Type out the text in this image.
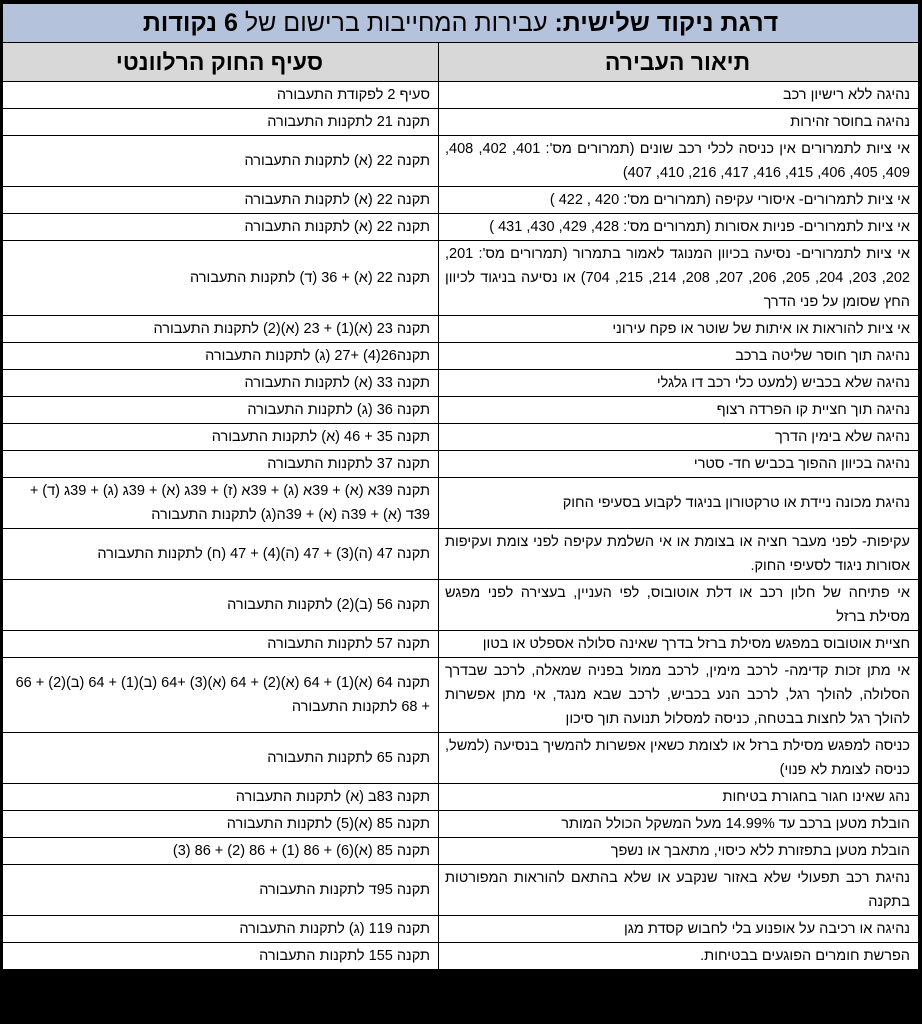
דרגת ניקוד שלישית: עבירות המחייבות ברישום של 6 נקודות	
תיאור העבירה	סעיף החוק הרלוונטי
נהיגה ללא רישיון רכב	סעיף 2 לפקודת התעבורה
נהיגה בחוסר זהירות	תקנה 21 לתקנות התעבורה
אי ציות לתמרורים אין כניסה לכלי רכב שונים (תמרורים מס': 401, 402, 408, 409, 405, 406, 415, 416, 417, 216, 410, 407)	תקנה 22 (א) לתקנות התעבורה
אי ציות לתמרורים- איסורי עקיפה (תמרורים מס': 420 , 422 )	תקנה 22 (א) לתקנות התעבורה
אי ציות לתמרורים- פניות אסורות (תמרורים מס': 428, 429, 430, 431 )	תקנה 22 (א) לתקנות התעבורה
אי ציות לתמרורים- נסיעה בכיוון המנוגד לאמור בתמרור (תמרורים מס': 201, 202, 203, 204, 205, 206, 207, 208, 214, 215, 704) או נסיעה בניגוד לכיוון החץ שסומן על פני הדרך	תקנה 22 (א) + 36 (ד) לתקנות התעבורה
אי ציות להוראות או איתות של שוטר או פקח עירוני	תקנה 23 (א)(1) + 23 (א)(2) לתקנות התעבורה
נהיגה תוך חוסר שליטה ברכב	תקנה26(4) +27 (ג) לתקנות התעבורה
נהיגה שלא בכביש (למעט כלי רכב דו גלגלי	תקנה 33 (א) לתקנות התעבורה
נהיגה תוך חציית קו הפרדה רצוף	תקנה 36 (ג) לתקנות התעבורה
נהיגה שלא בימין הדרך	תקנה 35 + 46 (א) לתקנות התעבורה
נהיגה בכיוון ההפוך בכביש חד- סטרי	תקנה 37 לתקנות התעבורה
נהיגת מכונה ניידת או טרקטורון בניגוד לקבוע בסעיפי החוק	תקנה 39א (א) + 39א (ג) + 39א (ז) + 39ג (א) + 39ג (ג) + 39ג (ד) + 39ד (א) + 39ה (א) + 39ה(ג) לתקנות התעבורה
עקיפות- לפני מעבר חציה או בצומת או אי השלמת עקיפה לפני צומת ועקיפות אסורות ניגוד לסעיפי החוק.	תקנה 47 (ה)(3) + 47 (ה)(4) + 47 (ח) לתקנות התעבורה
אי פתיחה של חלון רכב או דלת אוטובוס, לפי העניין, בעצירה לפני מפגש מסילת ברזל	תקנה 56 (ב)(2) לתקנות התעבורה
חציית אוטובוס במפגש מסילת ברזל בדרך שאינה סלולה אספלט או בטון	תקנה 57 לתקנות התעבורה
אי מתן זכות קדימה- לרכב מימין, לרכב ממול בפניה שמאלה, לרכב שבדרך הסלולה, להולך רגל, לרכב הנע בכביש, לרכב שבא מנגד, אי מתן אפשרות להולך רגל לחצות בבטחה, כניסה למסלול תנועה תוך סיכון	תקנה 64 (א)(1) + 64 (א)(2) + 64 (א)(3) +64 (ב)(1) + 64 (ב)(2) + 66 + 68 לתקנות התעבורה
כניסה למפגש מסילת ברזל או לצומת כשאין אפשרות להמשיך בנסיעה (למשל, כניסה לצומת לא פנוי)	תקנה 65 לתקנות התעבורה
נהג שאינו חגור בחגורת בטיחות	תקנה 83ב (א) לתקנות התעבורה
הובלת מטען ברכב עד 14.99% מעל המשקל הכולל המותר	תקנה 85 (א)(5) לתקנות התעבורה
הובלת מטען בתפזורת ללא כיסוי, מתאבך או נשפך	תקנה 85 (א)(6) + 86 (1) + 86 (2) + 86 (3)
נהיגת רכב תפעולי שלא באזור שנקבע או שלא בהתאם להוראות המפורטות בתקנה	תקנה 95ד לתקנות התעבורה
נהיגה או רכיבה על אופנוע בלי לחבוש קסדת מגן	תקנה 119 (ג) לתקנות התעבורה
הפרשת חומרים הפוגעים בבטיחות.	תקנה 155 לתקנות התעבורה
